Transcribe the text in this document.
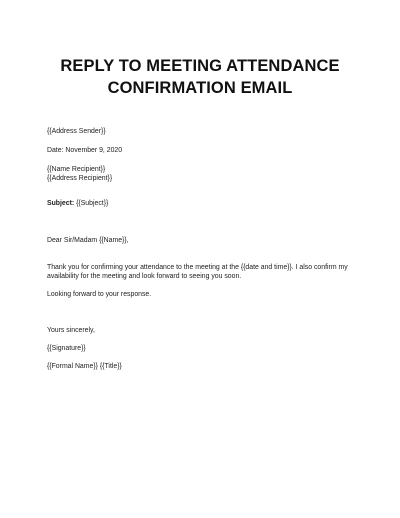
REPLY TO MEETING ATTENDANCE
CONFIRMATION EMAIL
{{Address Sender}}
Date: November 9, 2020
{{Name Recipient}}
{{Address Recipient}}
Subject: {{Subject}}
Dear Sir/Madam {{Name}},
Thank you for confirming your attendance to the meeting at the {{date and time}}. I also confirm my
availability for the meeting and look forward to seeing you soon.
Looking forward to your response.
Yours sincerely,
{{Signature}}
{{Formal Name}} {{Title}}
